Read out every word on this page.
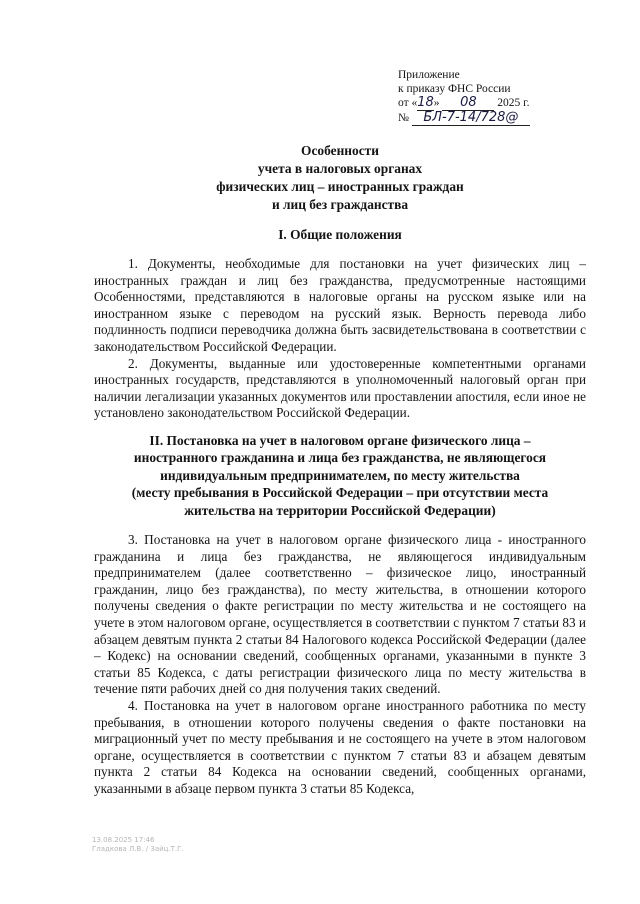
Приложение
к приказу ФНС России
от «18» 08 2025 г.
№ БЛ-7-14/728@
Особенности
учета в налоговых органах
физических лиц – иностранных граждан
и лиц без гражданства
I. Общие положения

1. Документы, необходимые для постановки на учет физических лиц – иностранных граждан и лиц без гражданства, предусмотренные настоящими Особенностями, представляются в налоговые органы на русском языке или на иностранном языке с переводом на русский язык. Верность перевода либо подлинность подписи переводчика должна быть засвидетельствована в соответствии с законодательством Российской Федерации.

2. Документы, выданные или удостоверенные компетентными органами иностранных государств, представляются в уполномоченный налоговый орган при наличии легализации указанных документов или проставлении апостиля, если иное не установлено законодательством Российской Федерации.

II. Постановка на учет в налоговом органе физического лица –
иностранного гражданина и лица без гражданства, не являющегося
индивидуальным предпринимателем, по месту жительства
(месту пребывания в Российской Федерации – при отсутствии места
жительства на территории Российской Федерации)

3. Постановка на учет в налоговом органе физического лица - иностранного гражданина и лица без гражданства, не являющегося индивидуальным предпринимателем (далее соответственно – физическое лицо, иностранный гражданин, лицо без гражданства), по месту жительства, в отношении которого получены сведения о факте регистрации по месту жительства и не состоящего на учете в этом налоговом органе, осуществляется в соответствии с пунктом 7 статьи 83 и абзацем девятым пункта 2 статьи 84 Налогового кодекса Российской Федерации (далее – Кодекс) на основании сведений, сообщенных органами, указанными в пункте 3 статьи 85 Кодекса, с даты регистрации физического лица по месту жительства в течение пяти рабочих дней со дня получения таких сведений.

4. Постановка на учет в налоговом органе иностранного работника по месту пребывания, в отношении которого получены сведения о факте постановки на миграционный учет по месту пребывания и не состоящего на учете в этом налоговом органе, осуществляется в соответствии с пунктом 7 статьи 83 и абзацем девятым пункта 2 статьи 84 Кодекса на основании сведений, сообщенных органами, указанными в абзаце первом пункта 3 статьи 85 Кодекса,

13.08.2025 17:46
Гладкова Л.В. / Зайц.Т.Г.
